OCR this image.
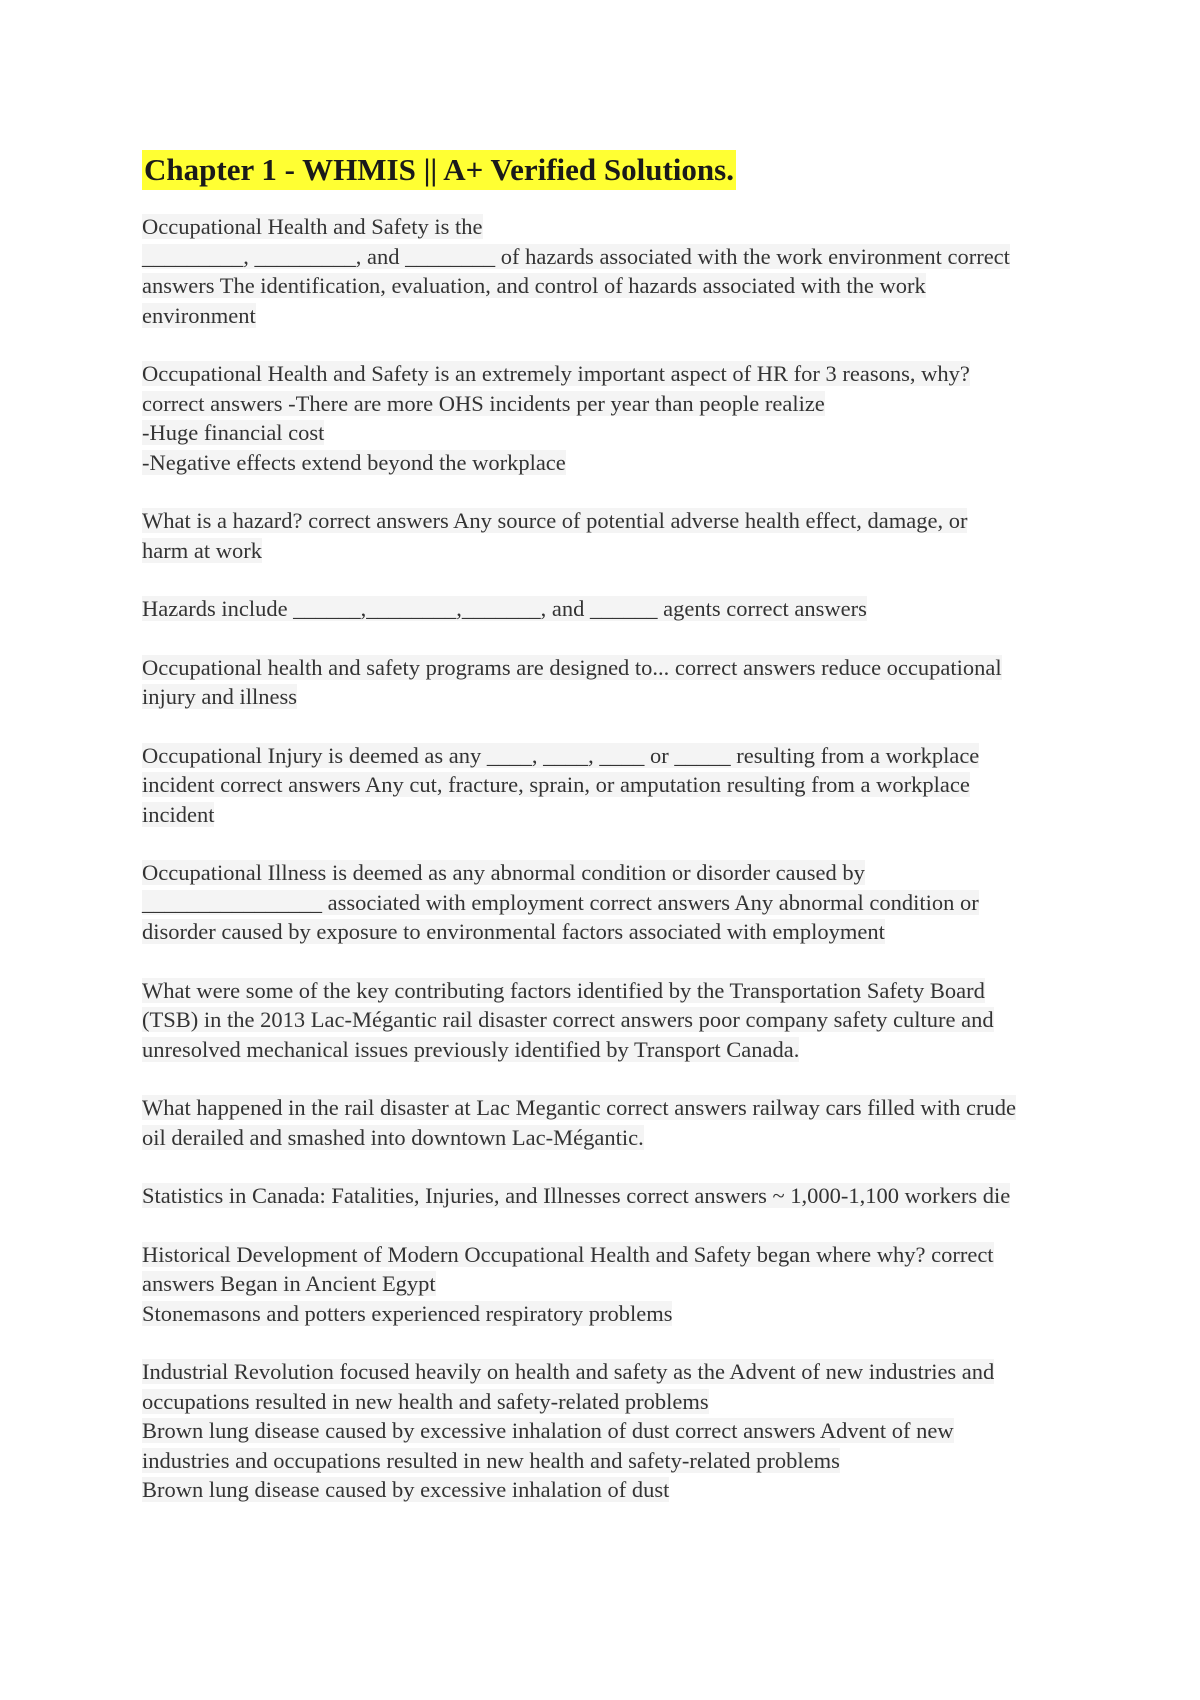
Chapter 1 - WHMIS || A+ Verified Solutions.
Occupational Health and Safety is the
_________, _________, and ________ of hazards associated with the work environment correct
answers The identification, evaluation, and control of hazards associated with the work
environment
Occupational Health and Safety is an extremely important aspect of HR for 3 reasons, why?
correct answers -There are more OHS incidents per year than people realize
-Huge financial cost
-Negative effects extend beyond the workplace
What is a hazard? correct answers Any source of potential adverse health effect, damage, or
harm at work
Hazards include ______,________,_______, and ______ agents correct answers
Occupational health and safety programs are designed to... correct answers reduce occupational
injury and illness
Occupational Injury is deemed as any ____, ____, ____ or _____ resulting from a workplace
incident correct answers Any cut, fracture, sprain, or amputation resulting from a workplace
incident
Occupational Illness is deemed as any abnormal condition or disorder caused by
________________ associated with employment correct answers Any abnormal condition or
disorder caused by exposure to environmental factors associated with employment
What were some of the key contributing factors identified by the Transportation Safety Board
(TSB) in the 2013 Lac-Mégantic rail disaster correct answers poor company safety culture and
unresolved mechanical issues previously identified by Transport Canada.
What happened in the rail disaster at Lac Megantic correct answers railway cars filled with crude
oil derailed and smashed into downtown Lac-Mégantic.
Statistics in Canada: Fatalities, Injuries, and Illnesses correct answers ~ 1,000-1,100 workers die
Historical Development of Modern Occupational Health and Safety began where why? correct
answers Began in Ancient Egypt
Stonemasons and potters experienced respiratory problems
Industrial Revolution focused heavily on health and safety as the Advent of new industries and
occupations resulted in new health and safety-related problems
Brown lung disease caused by excessive inhalation of dust correct answers Advent of new
industries and occupations resulted in new health and safety-related problems
Brown lung disease caused by excessive inhalation of dust
